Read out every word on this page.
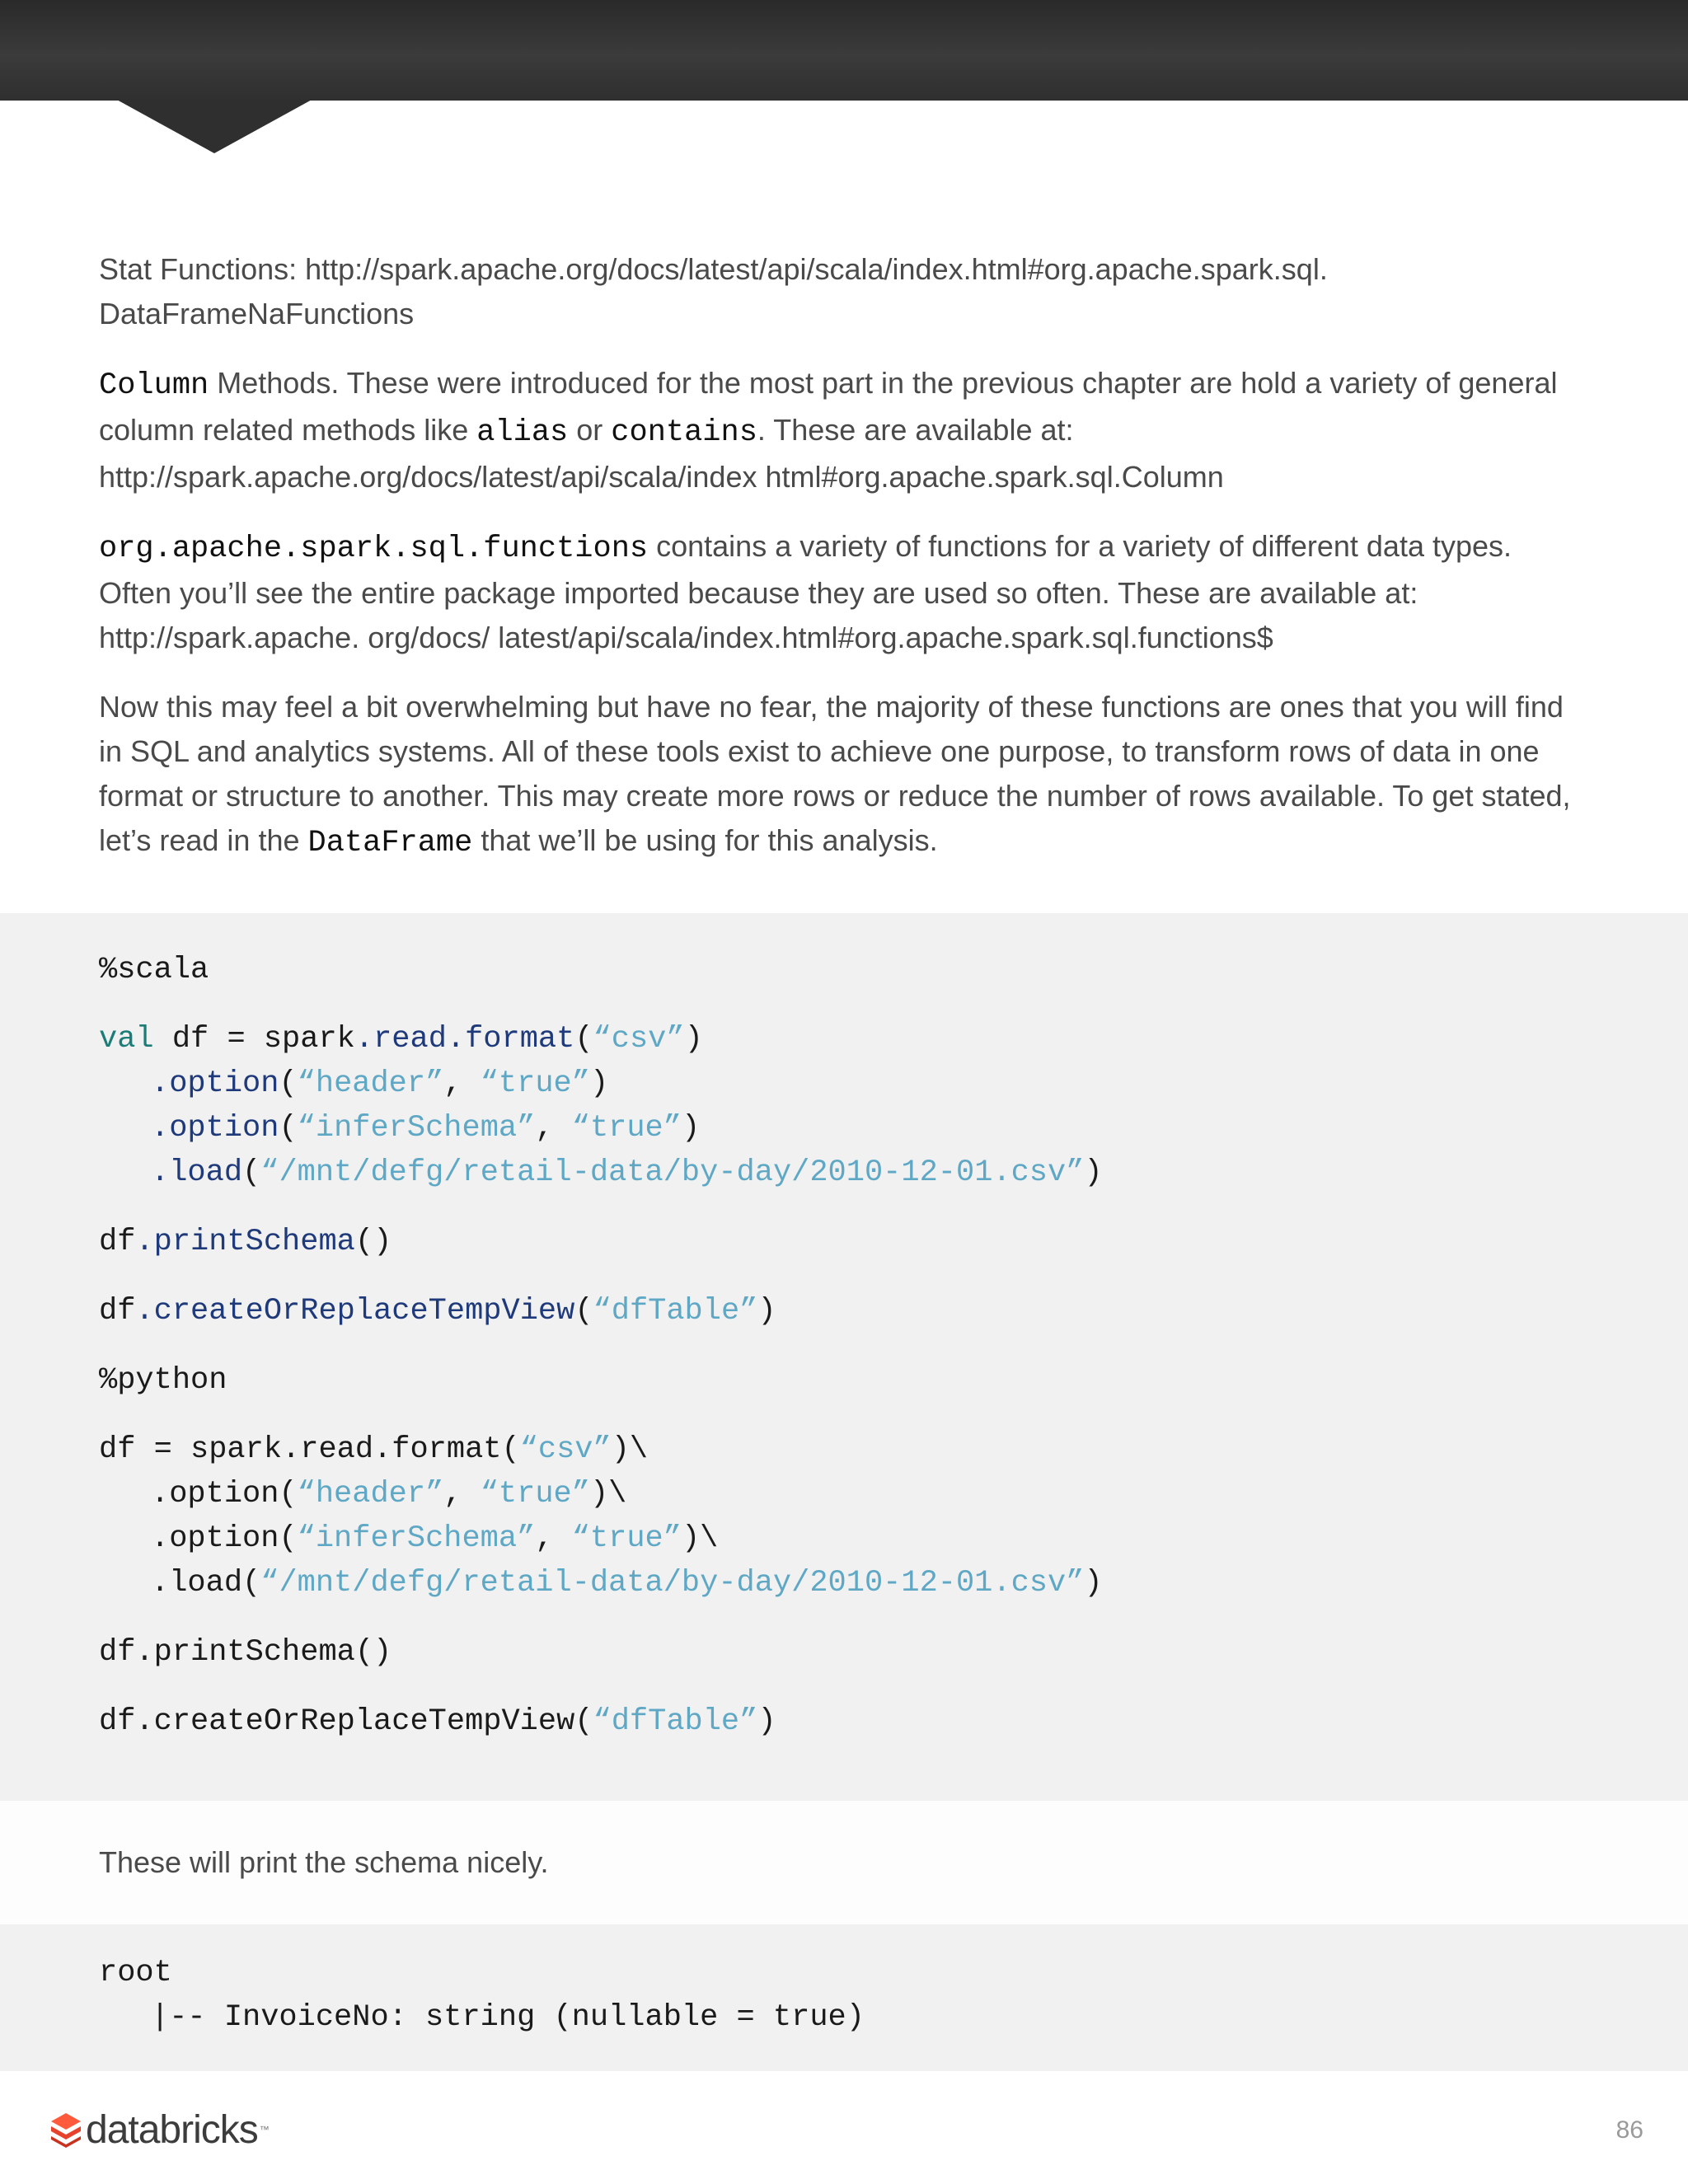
Stat Functions: http://spark.apache.org/docs/latest/api/scala/index.html#org.apache.spark.sql. DataFrameNaFunctions

Column Methods. These were introduced for the most part in the previous chapter are hold a variety of general column related methods like alias or contains. These are available at: http://spark.apache.org/docs/latest/api/scala/index html#org.apache.spark.sql.Column

org.apache.spark.sql.functions contains a variety of functions for a variety of different data types. Often you’ll see the entire package imported because they are used so often. These are available at: http://spark.apache. org/docs/ latest/api/scala/index.html#org.apache.spark.sql.functions$

Now this may feel a bit overwhelming but have no fear, the majority of these functions are ones that you will find in SQL and analytics systems. All of these tools exist to achieve one purpose, to transform rows of data in one format or structure to another. This may create more rows or reduce the number of rows available. To get stated, let’s read in the DataFrame that we’ll be using for this analysis.

%scala

val df = spark.read.format(“csv”)

.option(“header”, “true”)

.option(“inferSchema”, “true”)

.load(“/mnt/defg/retail-data/by-day/2010-12-01.csv”)

df.printSchema()

df.createOrReplaceTempView(“dfTable”)

%python

df = spark.read.format(“csv”)\

.option(“header”, “true”)\

.option(“inferSchema”, “true”)\

.load(“/mnt/defg/retail-data/by-day/2010-12-01.csv”)

df.printSchema()

df.createOrReplaceTempView(“dfTable”)

These will print the schema nicely.

root

|-- InvoiceNo: string (nullable = true)

databricks ™	86
